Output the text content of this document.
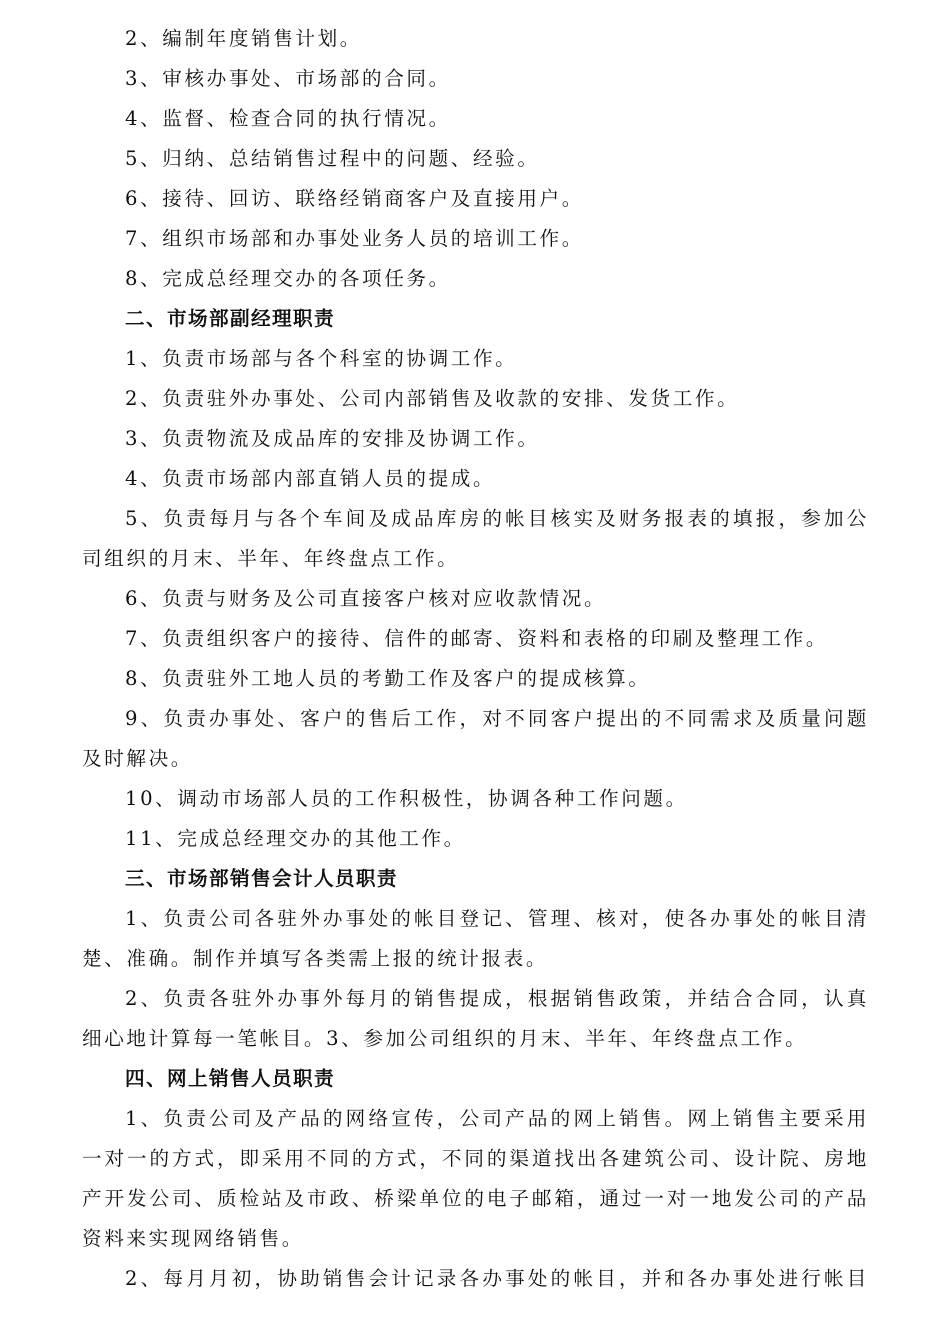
2、编制年度销售计划。
3、审核办事处、市场部的合同。
4、监督、检查合同的执行情况。
5、归纳、总结销售过程中的问题、经验。
6、接待、回访、联络经销商客户及直接用户。
7、组织市场部和办事处业务人员的培训工作。
8、完成总经理交办的各项任务。
二、市场部副经理职责
1、负责市场部与各个科室的协调工作。
2、负责驻外办事处、公司内部销售及收款的安排、发货工作。
3、负责物流及成品库的安排及协调工作。
4、负责市场部内部直销人员的提成。
5、负责每月与各个车间及成品库房的帐目核实及财务报表的填报，参加公
司组织的月末、半年、年终盘点工作。
6、负责与财务及公司直接客户核对应收款情况。
7、负责组织客户的接待、信件的邮寄、资料和表格的印刷及整理工作。
8、负责驻外工地人员的考勤工作及客户的提成核算。
9、负责办事处、客户的售后工作，对不同客户提出的不同需求及质量问题
及时解决。
10、调动市场部人员的工作积极性，协调各种工作问题。
11、完成总经理交办的其他工作。
三、市场部销售会计人员职责
1、负责公司各驻外办事处的帐目登记、管理、核对，使各办事处的帐目清
楚、准确。制作并填写各类需上报的统计报表。
2、负责各驻外办事外每月的销售提成，根据销售政策，并结合合同，认真
细心地计算每一笔帐目。3、参加公司组织的月末、半年、年终盘点工作。
四、网上销售人员职责
1、负责公司及产品的网络宣传，公司产品的网上销售。网上销售主要采用
一对一的方式，即采用不同的方式，不同的渠道找出各建筑公司、设计院、房地
产开发公司、质检站及市政、桥梁单位的电子邮箱，通过一对一地发公司的产品
资料来实现网络销售。
2、每月月初，协助销售会计记录各办事处的帐目，并和各办事处进行帐目
